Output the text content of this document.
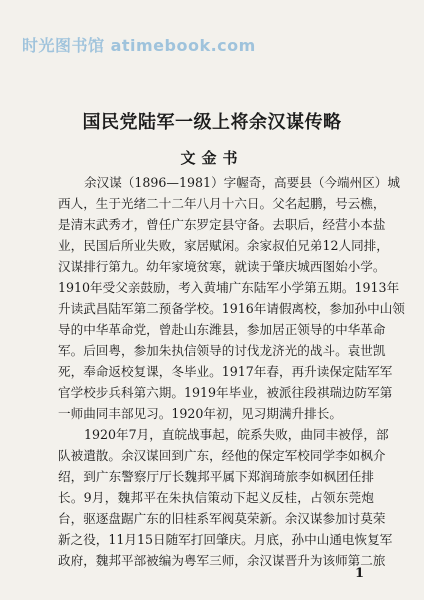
时光图书馆 atimebook.com
国民党陆军一级上将余汉谋传略
文金书
余汉谋（1896—1981）字幄奇，高要县（今端州区）城
西人，生于光绪二十二年八月十六日。父名起鹏，号云樵，
是清末武秀才，曾任广东罗定县守备。去职后，经营小本盐
业，民国后所业失败，家居赋闲。余家叔伯兄弟12人同排，
汉谋排行第九。幼年家境贫寒，就读于肇庆城西图始小学。
1910年受父亲鼓励，考入黄埔广东陆军小学第五期。1913年
升读武昌陆军第二预备学校。1916年请假离校，参加孙中山领
导的中华革命党，曾赴山东潍县，参加居正领导的中华革命
军。后回粤，参加朱执信领导的讨伐龙济光的战斗。袁世凯
死，奉命返校复课，冬毕业。1917年春，再升读保定陆军军
官学校步兵科第六期。1919年毕业，被派往段祺瑞边防军第
一师曲同丰部见习。1920年初，见习期满升排长。
1920年7月，直皖战事起，皖系失败，曲同丰被俘，部
队被遣散。余汉谋回到广东，经他的保定军校同学李如枫介
绍，到广东警察厅厅长魏邦平属下郑润琦旅李如枫团任排
长。9月，魏邦平在朱执信策动下起义反桂，占领东莞炮
台，驱逐盘踞广东的旧桂系军阀莫荣新。余汉谋参加讨莫荣
新之役，11月15日随军打回肇庆。月底，孙中山通电恢复军
政府，魏邦平部被编为粤军三师，余汉谋晋升为该师第二旅
1
